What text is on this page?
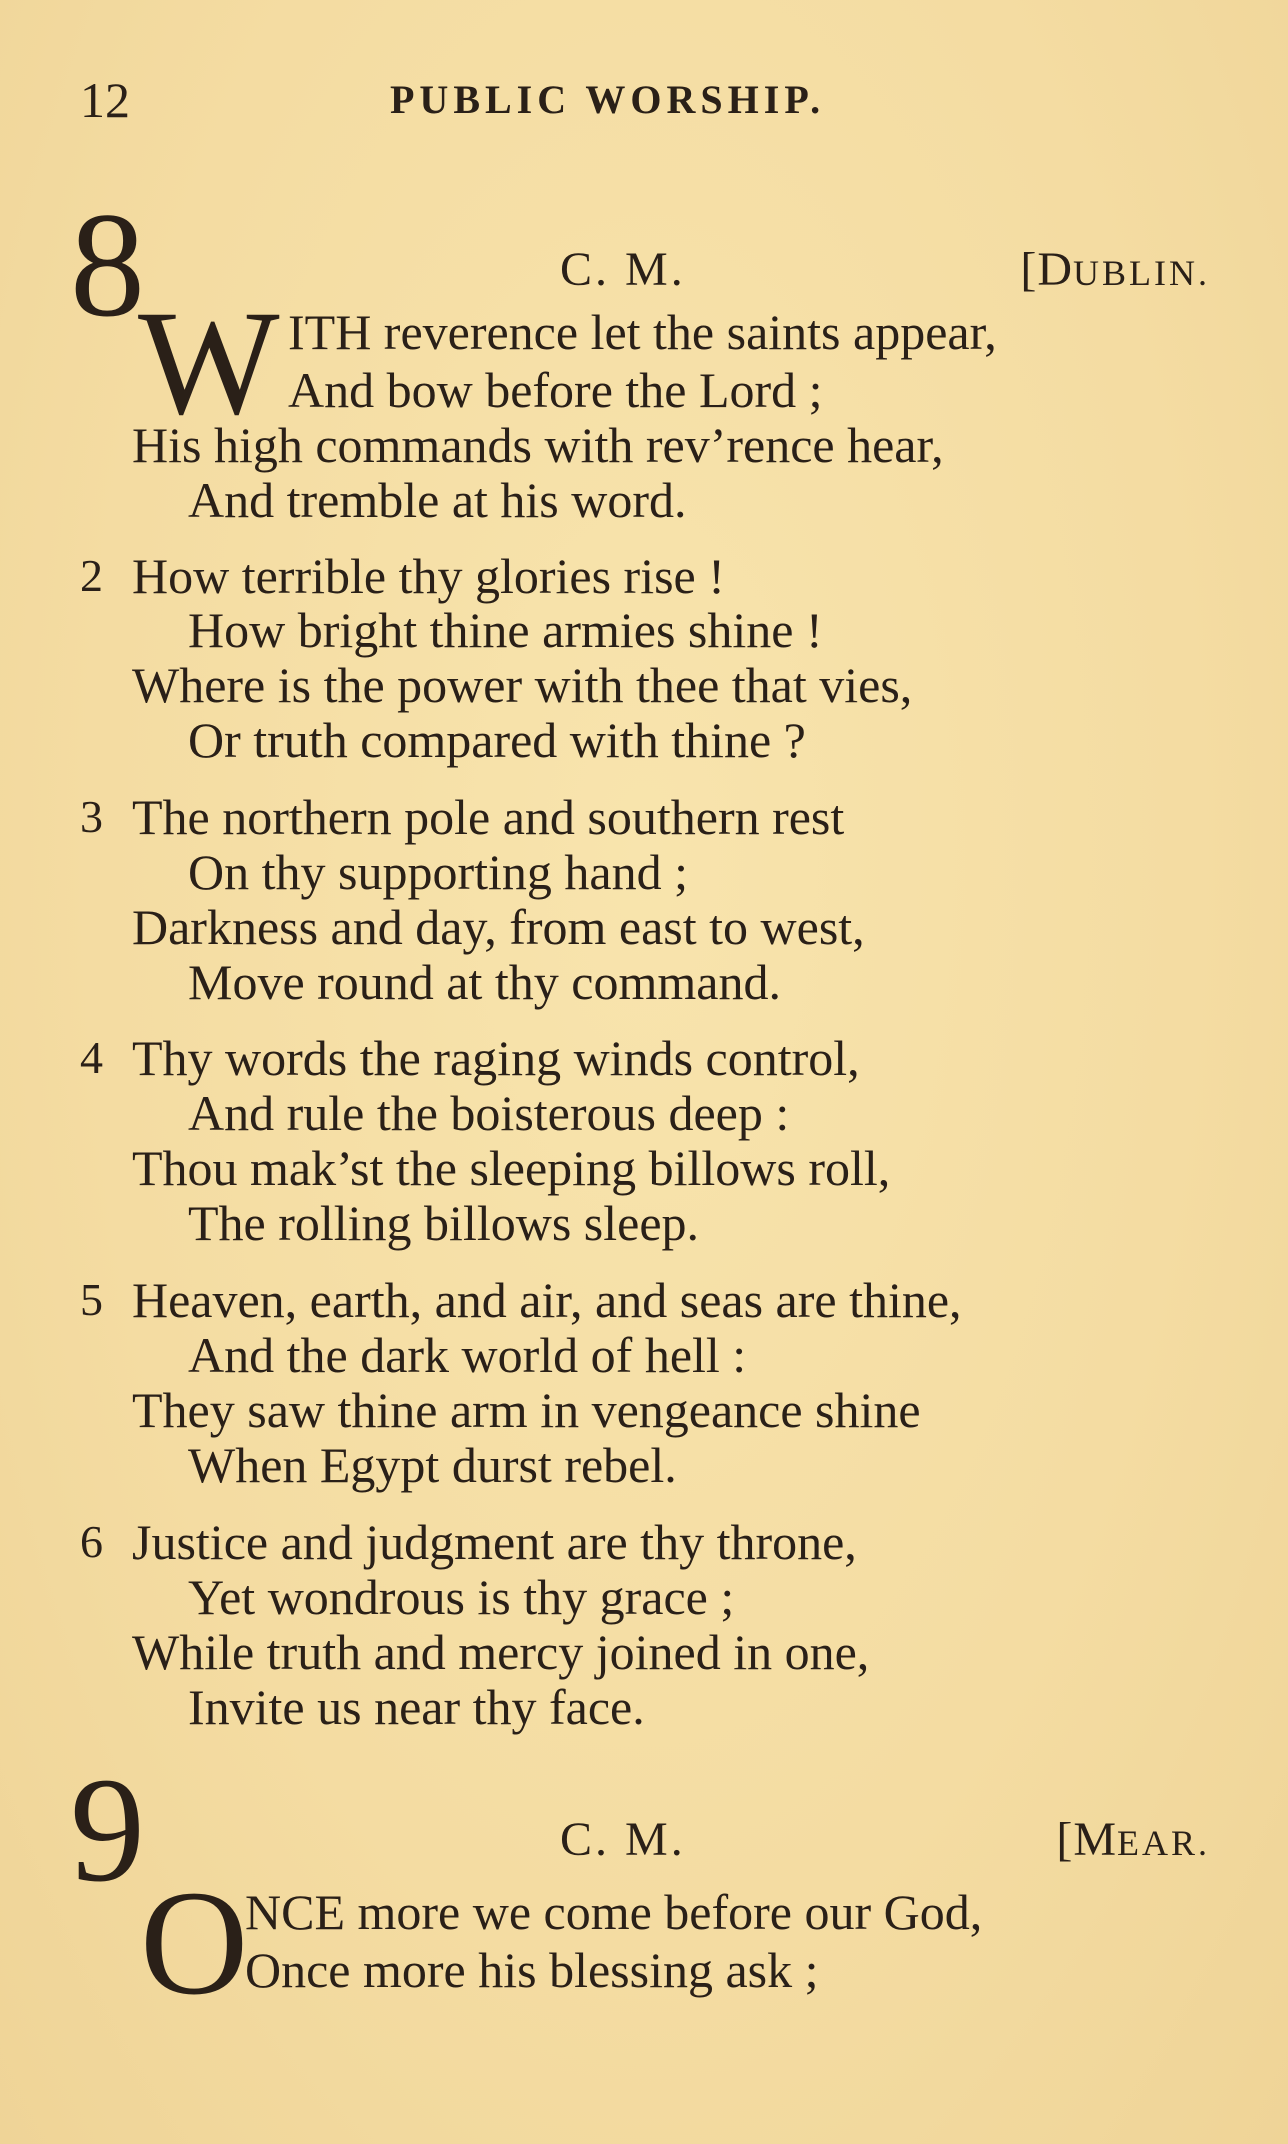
12	PUBLIC WORSHIP.
8	C. M.	[DUBLIN.
W ITH reverence let the saints appear,
And bow before the Lord ;
His high commands with rev’rence hear,
And tremble at his word.
2 How terrible thy glories rise !
How bright thine armies shine !
Where is the power with thee that vies,
Or truth compared with thine ?
3 The northern pole and southern rest
On thy supporting hand ;
Darkness and day, from east to west,
Move round at thy command.
4 Thy words the raging winds control,
And rule the boisterous deep :
Thou mak’st the sleeping billows roll,
The rolling billows sleep.
5 Heaven, earth, and air, and seas are thine,
And the dark world of hell :
They saw thine arm in vengeance shine
When Egypt durst rebel.
6 Justice and judgment are thy throne,
Yet wondrous is thy grace ;
While truth and mercy joined in one,
Invite us near thy face.
9	C. M.	[MEAR.
O
NCE more we come before our God,
Once more his blessing ask ;
